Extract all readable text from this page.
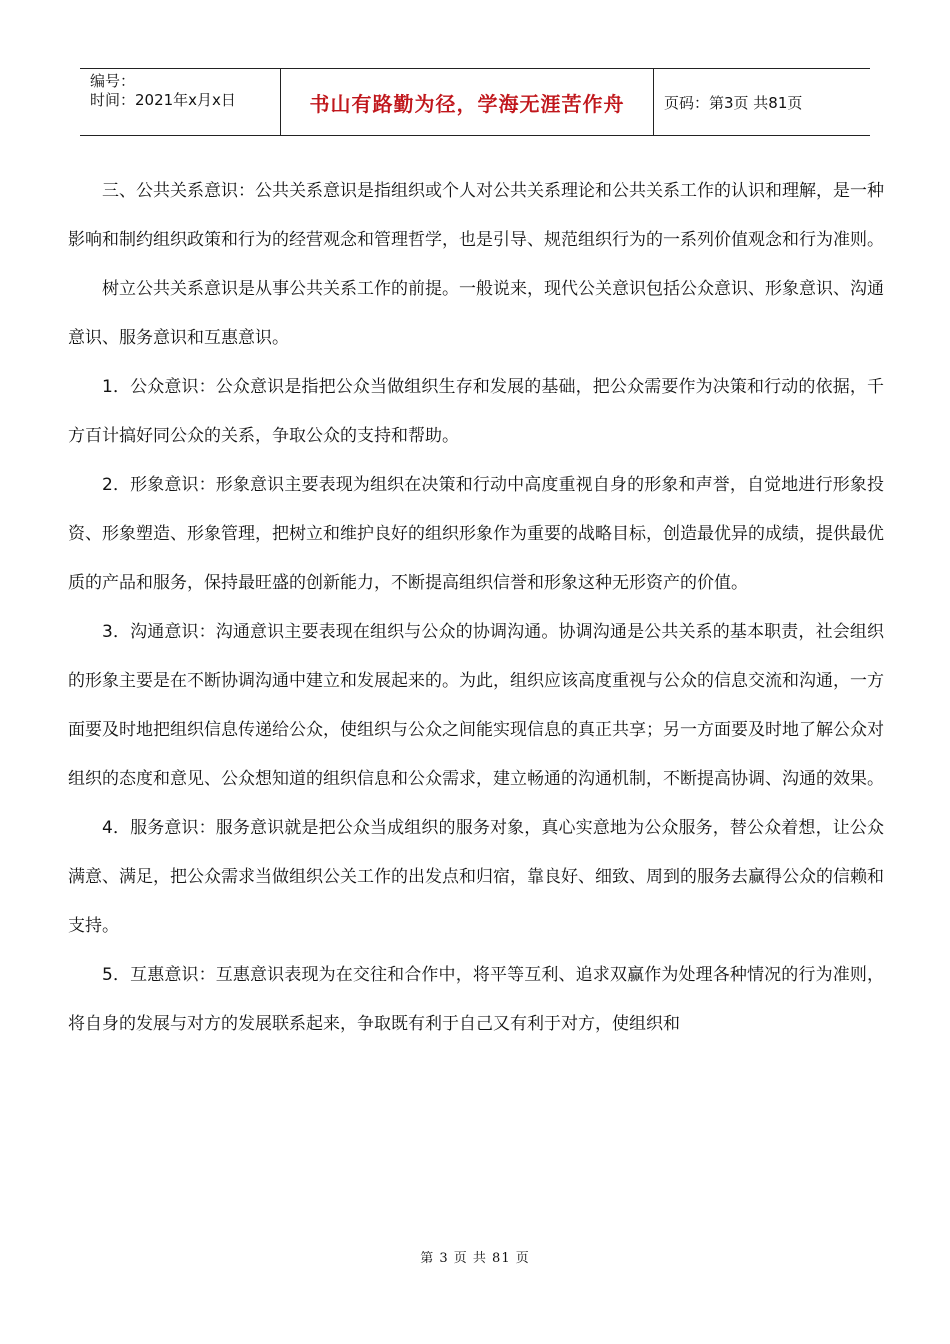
编号：
时间：2021年x月x日	书山有路勤为径，学海无涯苦作舟	页码：第3页 共81页

三、公共关系意识：公共关系意识是指组织或个人对公共关系理论和公共关系工作的认识和理解，是一种影响和制约组织政策和行为的经营观念和管理哲学，也是引导、规范组织行为的一系列价值观念和行为准则。

树立公共关系意识是从事公共关系工作的前提。一般说来，现代公关意识包括公众意识、形象意识、沟通意识、服务意识和互惠意识。

1．公众意识：公众意识是指把公众当做组织生存和发展的基础，把公众需要作为决策和行动的依据，千方百计搞好同公众的关系，争取公众的支持和帮助。

2．形象意识：形象意识主要表现为组织在决策和行动中高度重视自身的形象和声誉，自觉地进行形象投资、形象塑造、形象管理，把树立和维护良好的组织形象作为重要的战略目标，创造最优异的成绩，提供最优质的产品和服务，保持最旺盛的创新能力，不断提高组织信誉和形象这种无形资产的价值。

3．沟通意识：沟通意识主要表现在组织与公众的协调沟通。协调沟通是公共关系的基本职责，社会组织的形象主要是在不断协调沟通中建立和发展起来的。为此，组织应该高度重视与公众的信息交流和沟通，一方面要及时地把组织信息传递给公众，使组织与公众之间能实现信息的真正共享；另一方面要及时地了解公众对组织的态度和意见、公众想知道的组织信息和公众需求，建立畅通的沟通机制，不断提高协调、沟通的效果。

4．服务意识：服务意识就是把公众当成组织的服务对象，真心实意地为公众服务，替公众着想，让公众满意、满足，把公众需求当做组织公关工作的出发点和归宿，靠良好、细致、周到的服务去赢得公众的信赖和支持。

5．互惠意识：互惠意识表现为在交往和合作中，将平等互利、追求双赢作为处理各种情况的行为准则，将自身的发展与对方的发展联系起来，争取既有利于自己又有利于对方，使组织和

第 3 页 共 81 页
